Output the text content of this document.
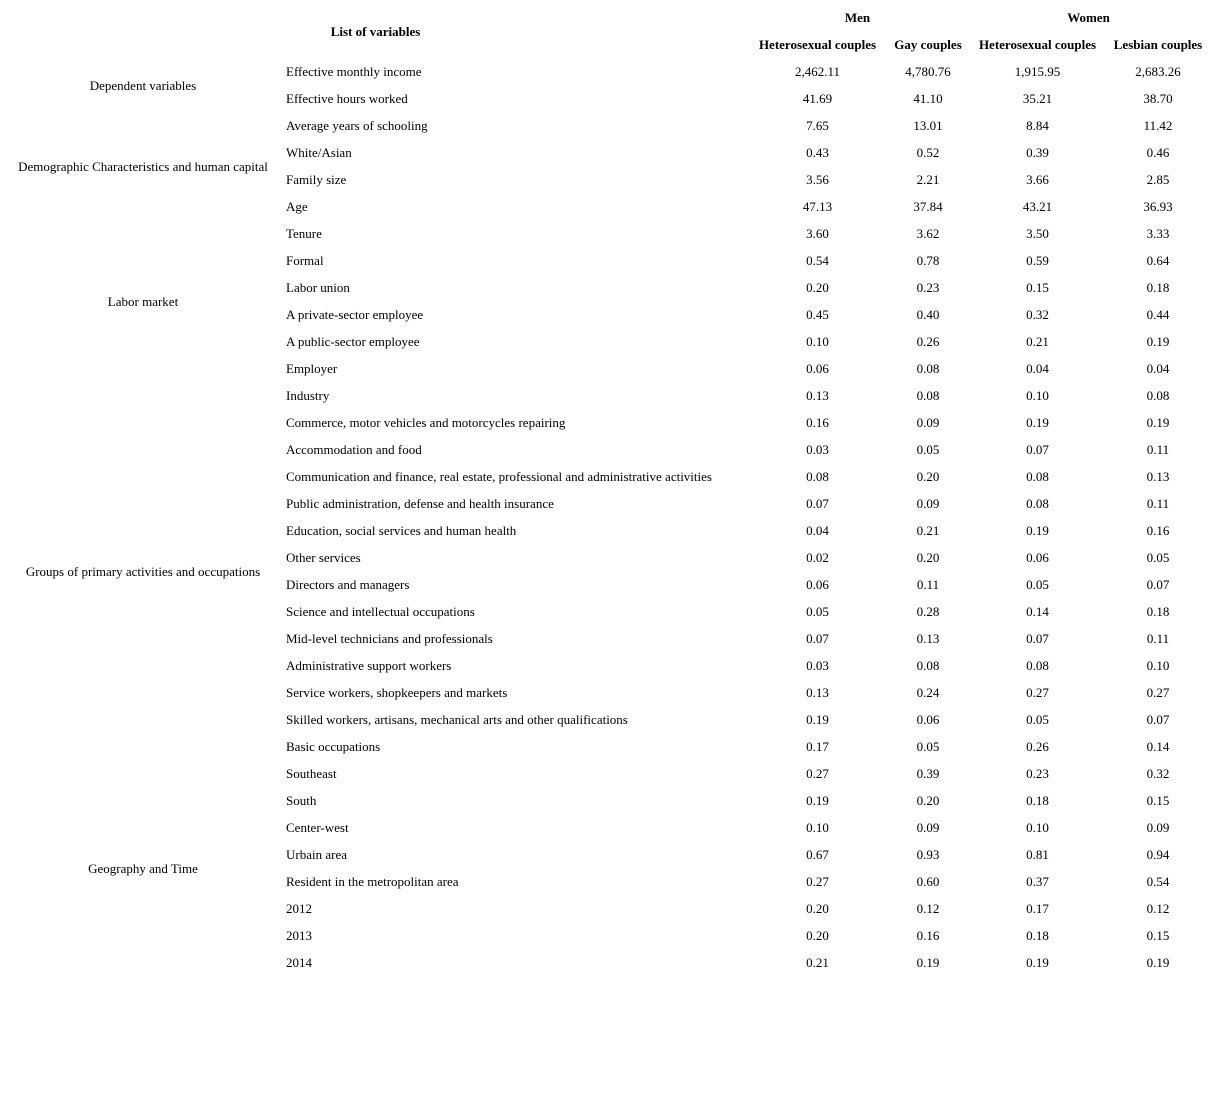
List of variables		Men		Women	
		Heterosexual couples	Gay couples	Heterosexual couples	Lesbian couples
Dependent variables	Effective monthly income	2,462.11	4,780.76	1,915.95	2,683.26
	Effective hours worked	41.69	41.10	35.21	38.70
Demographic Characteristics and human capital	Average years of schooling	7.65	13.01	8.84	11.42
	White/Asian	0.43	0.52	0.39	0.46
	Family size	3.56	2.21	3.66	2.85
	Age	47.13	37.84	43.21	36.93
Labor market	Tenure	3.60	3.62	3.50	3.33
	Formal	0.54	0.78	0.59	0.64
	Labor union	0.20	0.23	0.15	0.18
	A private-sector employee	0.45	0.40	0.32	0.44
	A public-sector employee	0.10	0.26	0.21	0.19
	Employer	0.06	0.08	0.04	0.04
Groups of primary activities and occupations	Industry	0.13	0.08	0.10	0.08
	Commerce, motor vehicles and motorcycles repairing	0.16	0.09	0.19	0.19
	Accommodation and food	0.03	0.05	0.07	0.11
	Communication and finance, real estate, professional and administrative activities	0.08	0.20	0.08	0.13
	Public administration, defense and health insurance	0.07	0.09	0.08	0.11
	Education, social services and human health	0.04	0.21	0.19	0.16
	Other services	0.02	0.20	0.06	0.05
	Directors and managers	0.06	0.11	0.05	0.07
	Science and intellectual occupations	0.05	0.28	0.14	0.18
	Mid-level technicians and professionals	0.07	0.13	0.07	0.11
	Administrative support workers	0.03	0.08	0.08	0.10
	Service workers, shopkeepers and markets	0.13	0.24	0.27	0.27
	Skilled workers, artisans, mechanical arts and other qualifications	0.19	0.06	0.05	0.07
	Basic occupations	0.17	0.05	0.26	0.14
Geography and Time	Southeast	0.27	0.39	0.23	0.32
	South	0.19	0.20	0.18	0.15
	Center-west	0.10	0.09	0.10	0.09
	Urbain area	0.67	0.93	0.81	0.94
	Resident in the metropolitan area	0.27	0.60	0.37	0.54
	2012	0.20	0.12	0.17	0.12
	2013	0.20	0.16	0.18	0.15
	2014	0.21	0.19	0.19	0.19
